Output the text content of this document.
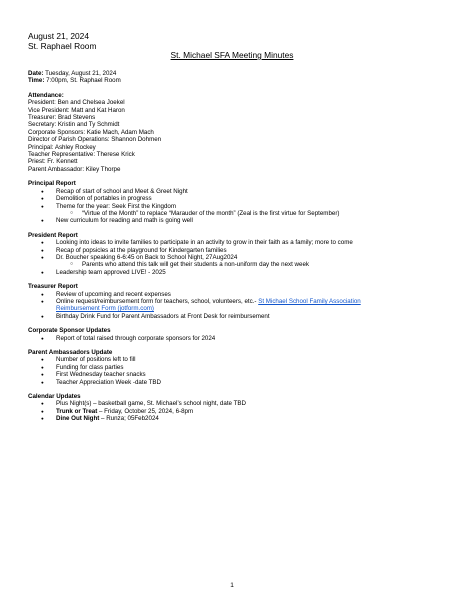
August 21, 2024
St. Raphael Room
St. Michael SFA Meeting Minutes

Date: Tuesday, August 21, 2024

Time: 7:00pm, St. Raphael Room

Attendance:

President: Ben and Chelsea Joekel

Vice President: Matt and Kat Haron

Treasurer: Brad Stevens

Secretary: Kristin and Ty Schmidt

Corporate Sponsors: Katie Mach, Adam Mach

Director of Parish Operations: Shannon Dohmen

Principal: Ashley Rockey

Teacher Representative: Therese Krick

Priest: Fr. Kennett

Parent Ambassador: Kiley Thorpe

Principal Report

● Recap of start of school and Meet & Greet Night
● Demolition of portables in progress
● Theme for the year: Seek First the Kingdom
○ “Virtue of the Month” to replace “Marauder of the month” (Zeal is the first virtue for September)
● New curriculum for reading and math is going well

President Report

● Looking into ideas to invite families to participate in an activity to grow in their faith as a family; more to come
● Recap of popsicles at the playground for Kindergarten families
● Dr. Boucher speaking 6-6:45 on Back to School Night, 27Aug2024
○ Parents who attend this talk will get their students a non-uniform day the next week
● Leadership team approved LIVE! - 2025

Treasurer Report

● Review of upcoming and recent expenses
● Online request/reimbursement form for teachers, school, volunteers, etc.- St Michael School Family Association
Reimbursement Form (jotform.com)
● Birthday Drink Fund for Parent Ambassadors at Front Desk for reimbursement

Corporate Sponsor Updates

● Report of total raised through corporate sponsors for 2024

Parent Ambassadors Update

● Number of positions left to fill
● Funding for class parties
● First Wednesday teacher snacks
● Teacher Appreciation Week -date TBD

Calendar Updates

● Plus Night(s) – basketball game, St. Michael’s school night, date TBD
● Trunk or Treat – Friday, October 25, 2024, 6-8pm
● Dine Out Night – Runza; 05Feb2024
1
